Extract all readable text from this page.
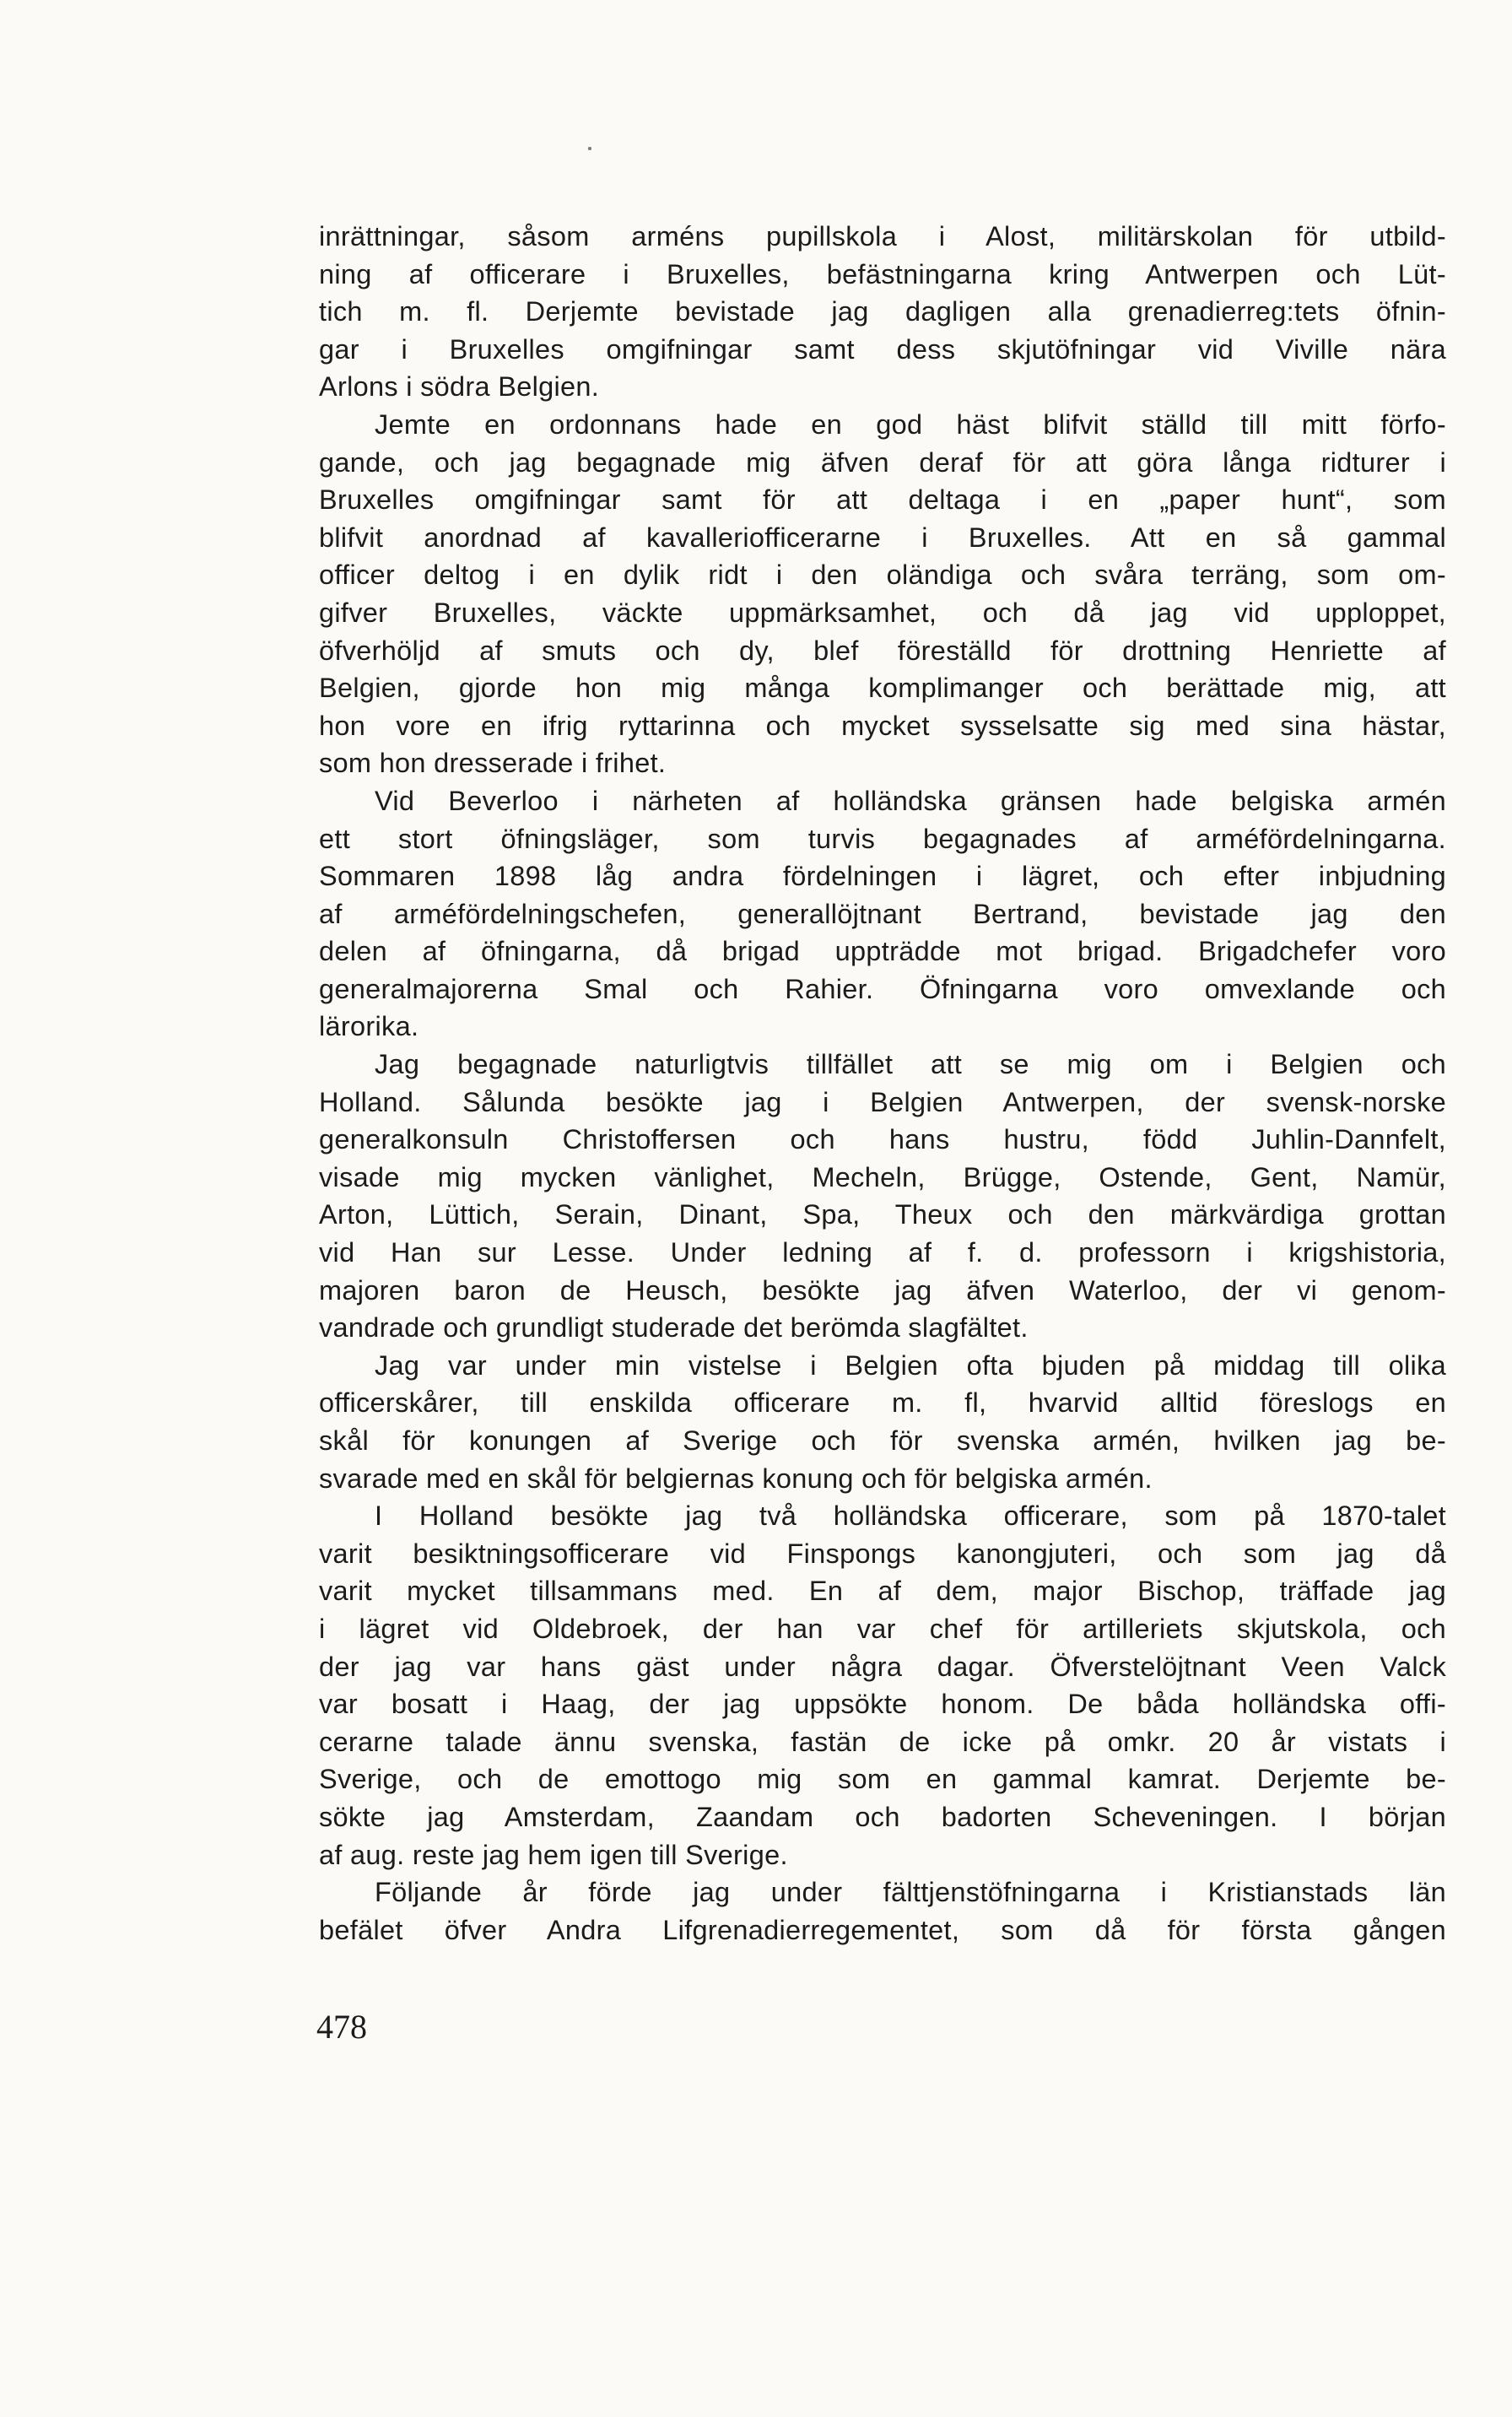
inrättningar, såsom arméns pupillskola i Alost, militärskolan för utbild-
ning af officerare i Bruxelles, befästningarna kring Antwerpen och Lüt-
tich m. fl. Derjemte bevistade jag dagligen alla grenadierreg:tets öfnin-
gar i Bruxelles omgifningar samt dess skjutöfningar vid Viville nära
Arlons i södra Belgien.
Jemte en ordonnans hade en god häst blifvit ställd till mitt förfo-
gande, och jag begagnade mig äfven deraf för att göra långa ridturer i
Bruxelles omgifningar samt för att deltaga i en „paper hunt“, som
blifvit anordnad af kavalleriofficerarne i Bruxelles. Att en så gammal
officer deltog i en dylik ridt i den oländiga och svåra terräng, som om-
gifver Bruxelles, väckte uppmärksamhet, och då jag vid upploppet,
öfverhöljd af smuts och dy, blef föreställd för drottning Henriette af
Belgien, gjorde hon mig många komplimanger och berättade mig, att
hon vore en ifrig ryttarinna och mycket sysselsatte sig med sina hästar,
som hon dresserade i frihet.
Vid Beverloo i närheten af holländska gränsen hade belgiska armén
ett stort öfningsläger, som turvis begagnades af arméfördelningarna.
Sommaren 1898 låg andra fördelningen i lägret, och efter inbjudning
af arméfördelningschefen, generallöjtnant Bertrand, bevistade jag den
delen af öfningarna, då brigad uppträdde mot brigad. Brigadchefer voro
generalmajorerna Smal och Rahier. Öfningarna voro omvexlande och
lärorika.
Jag begagnade naturligtvis tillfället att se mig om i Belgien och
Holland. Sålunda besökte jag i Belgien Antwerpen, der svensk-norske
generalkonsuln Christoffersen och hans hustru, född Juhlin-Dannfelt,
visade mig mycken vänlighet, Mecheln, Brügge, Ostende, Gent, Namür,
Arton, Lüttich, Serain, Dinant, Spa, Theux och den märkvärdiga grottan
vid Han sur Lesse. Under ledning af f. d. professorn i krigshistoria,
majoren baron de Heusch, besökte jag äfven Waterloo, der vi genom-
vandrade och grundligt studerade det berömda slagfältet.
Jag var under min vistelse i Belgien ofta bjuden på middag till olika
officerskårer, till enskilda officerare m. fl, hvarvid alltid föreslogs en
skål för konungen af Sverige och för svenska armén, hvilken jag be-
svarade med en skål för belgiernas konung och för belgiska armén.
I Holland besökte jag två holländska officerare, som på 1870-talet
varit besiktningsofficerare vid Finspongs kanongjuteri, och som jag då
varit mycket tillsammans med. En af dem, major Bischop, träffade jag
i lägret vid Oldebroek, der han var chef för artilleriets skjutskola, och
der jag var hans gäst under några dagar. Öfverstelöjtnant Veen Valck
var bosatt i Haag, der jag uppsökte honom. De båda holländska offi-
cerarne talade ännu svenska, fastän de icke på omkr. 20 år vistats i
Sverige, och de emottogo mig som en gammal kamrat. Derjemte be-
sökte jag Amsterdam, Zaandam och badorten Scheveningen. I början
af aug. reste jag hem igen till Sverige.
Följande år förde jag under fälttjenstöfningarna i Kristianstads län
befälet öfver Andra Lifgrenadierregementet, som då för första gången
478
